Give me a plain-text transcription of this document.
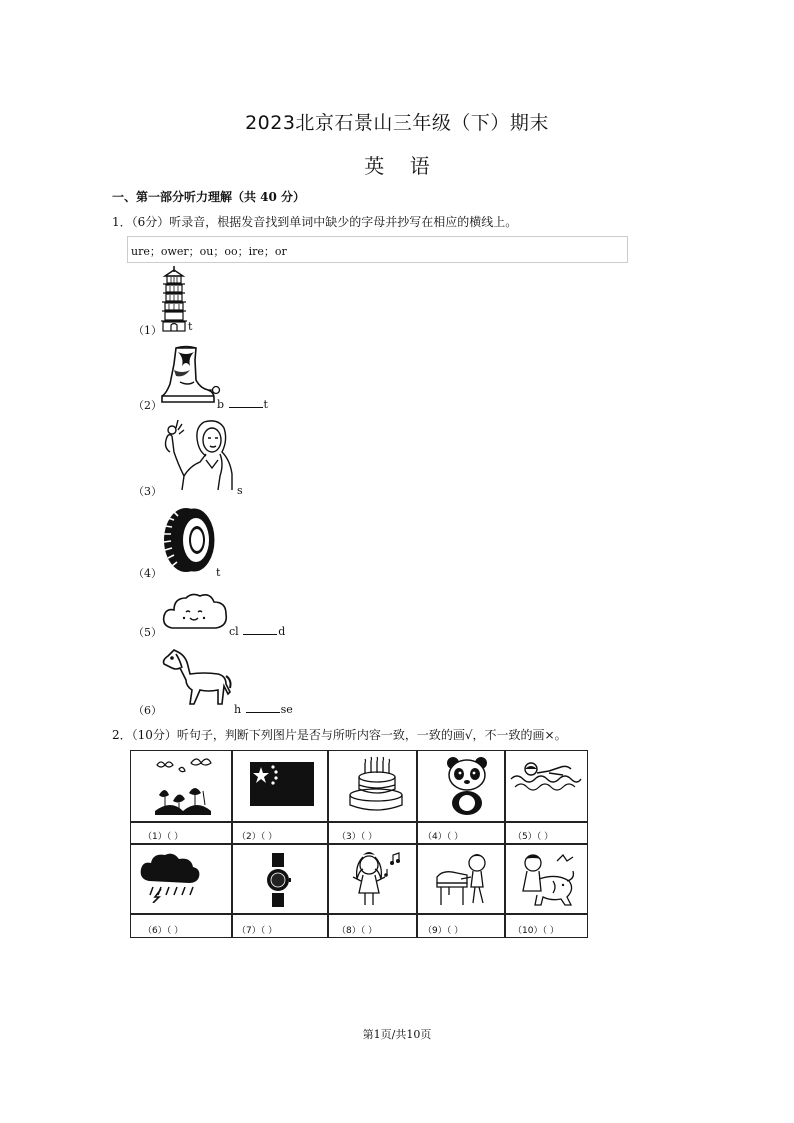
2023北京石景山三年级（下）期末
英    语
一、第一部分听力理解（共 40 分）
1．（6分）听录音，根据发音找到单词中缺少的字母并抄写在相应的横线上。
ure；ower；ou；oo；ire；or
（1） t
（2）	b	t
（3）	s
（4）	t
（5）	cl	d
（6）	h	se
2．（10分）听句子，判断下列图片是否与所听内容一致，一致的画√，不一致的画×。
（1）（ ）	（2）（ ）	（3）（ ）	（4）（ ）	（5）（ ）
（6）（ ）	（7）（ ）	（8）（ ）	（9）（ ）	（10）（ ）
第1页/共10页
